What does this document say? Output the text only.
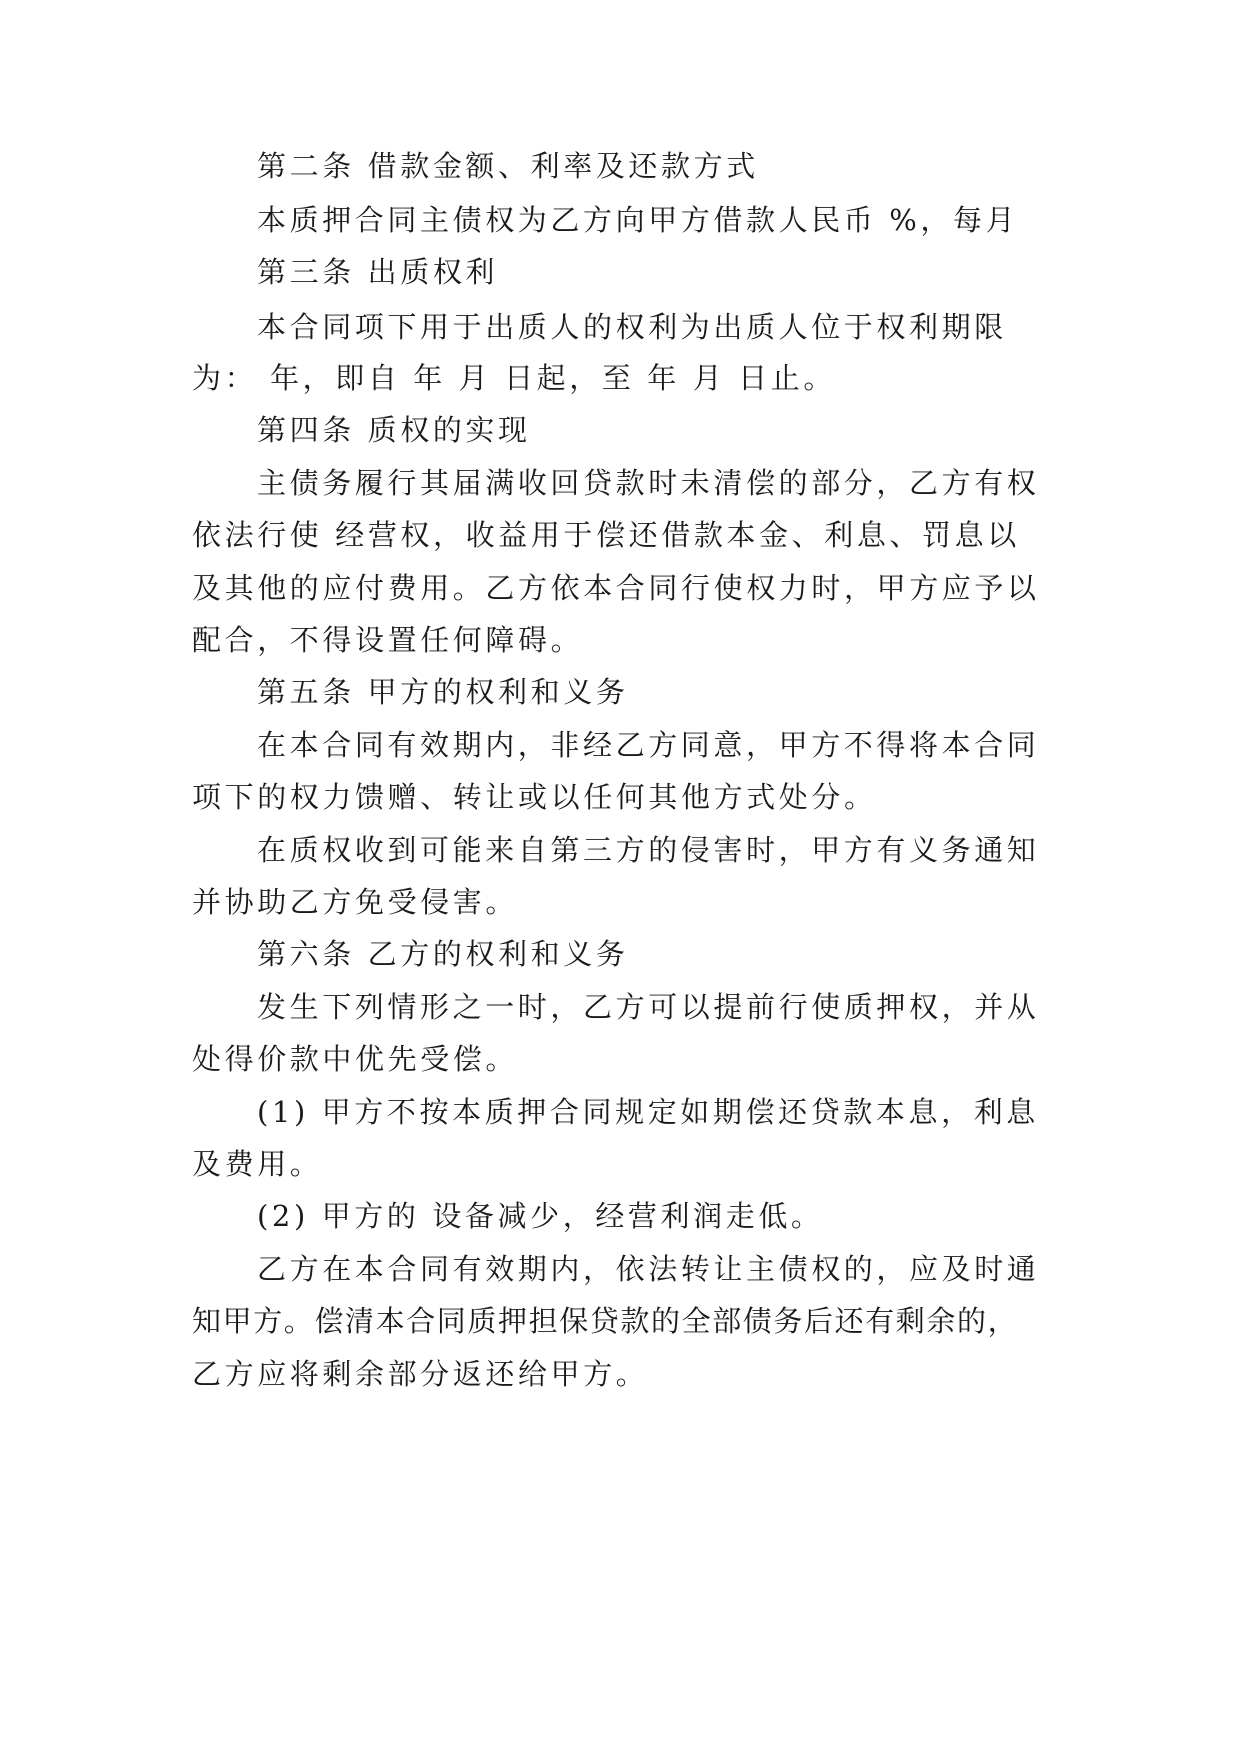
第二条 借款金额、利率及还款方式
本质押合同主债权为乙方向甲方借款人民币 %，每月
第三条 出质权利
本合同项下用于出质人的权利为出质人位于权利期限
为： 年，即自 年 月 日起，至 年 月 日止。
第四条 质权的实现
主债务履行其届满收回贷款时未清偿的部分，乙方有权
依法行使 经营权，收益用于偿还借款本金、利息、罚息以
及其他的应付费用。乙方依本合同行使权力时，甲方应予以
配合，不得设置任何障碍。
第五条 甲方的权利和义务
在本合同有效期内，非经乙方同意，甲方不得将本合同
项下的权力馈赠、转让或以任何其他方式处分。
在质权收到可能来自第三方的侵害时，甲方有义务通知
并协助乙方免受侵害。
第六条 乙方的权利和义务
发生下列情形之一时，乙方可以提前行使质押权，并从
处得价款中优先受偿。
(1) 甲方不按本质押合同规定如期偿还贷款本息，利息
及费用。
(2) 甲方的 设备减少，经营利润走低。
乙方在本合同有效期内，依法转让主债权的，应及时通
知甲方。偿清本合同质押担保贷款的全部债务后还有剩余的，
乙方应将剩余部分返还给甲方。
